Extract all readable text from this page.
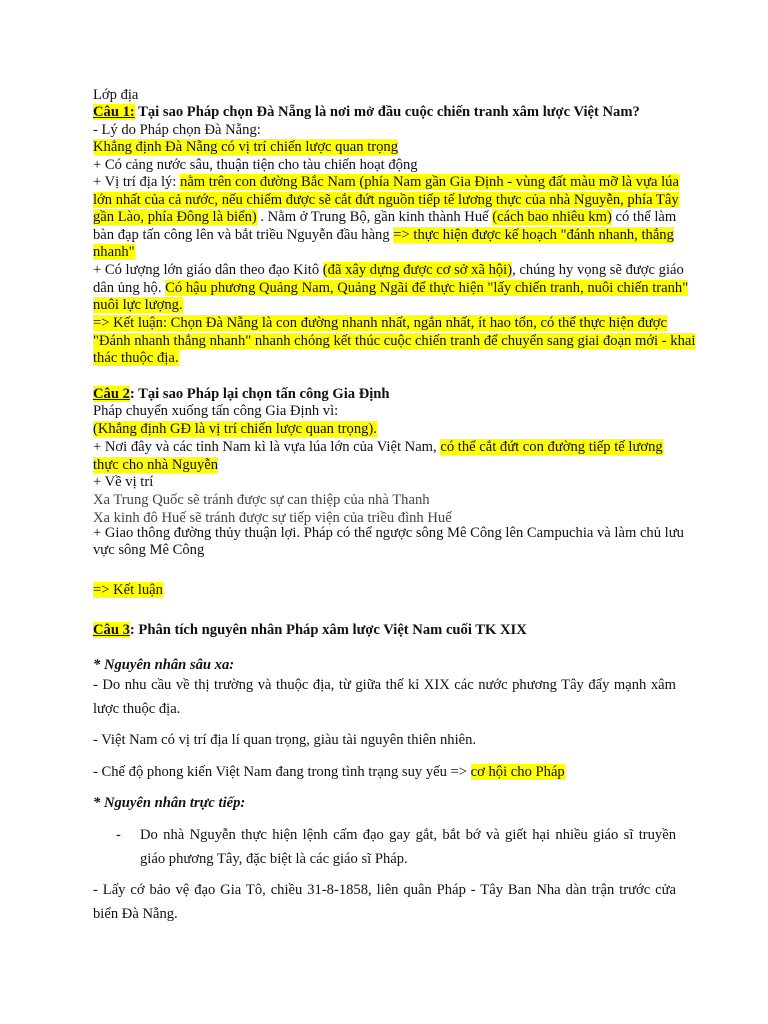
Lớp địa
Câu 1: Tại sao Pháp chọn Đà Nẵng là nơi mở đầu cuộc chiến tranh xâm lược Việt Nam?
- Lý do Pháp chọn Đà Nẵng:
Khẳng định Đà Nẵng có vị trí chiến lược quan trọng
+ Có cảng nước sâu, thuận tiện cho tàu chiến hoạt động
+ Vị trí địa lý: nằm trên con đường Bắc Nam (phía Nam gần Gia Định - vùng đất màu mỡ là vựa lúa
lớn nhất của cả nước, nếu chiếm được sẽ cắt đứt nguồn tiếp tế lương thực của nhà Nguyễn, phía Tây
gần Lào, phía Đông là biển) . Nằm ở Trung Bộ, gần kinh thành Huế (cách bao nhiêu km) có thể làm
bàn đạp tấn công lên và bắt triều Nguyễn đầu hàng => thực hiện được kế hoạch "đánh nhanh, thắng
nhanh"
+ Có lượng lớn giáo dân theo đạo Kitô (đã xây dựng được cơ sở xã hội), chúng hy vọng sẽ được giáo
dân ủng hộ. Có hậu phương Quảng Nam, Quảng Ngãi để thực hiện "lấy chiến tranh, nuôi chiến tranh"
nuôi lực lượng.
=> Kết luận: Chọn Đà Nẵng là con đường nhanh nhất, ngắn nhất, ít hao tổn, có thể thực hiện được
"Đánh nhanh thắng nhanh" nhanh chóng kết thúc cuộc chiến tranh để chuyển sang giai đoạn mới - khai
thác thuộc địa.
Câu 2: Tại sao Pháp lại chọn tấn công Gia Định
Pháp chuyển xuống tấn công Gia Định vì:
(Khẳng định GĐ là vị trí chiến lược quan trọng).
+ Nơi đây và các tỉnh Nam kì là vựa lúa lớn của Việt Nam, có thể cắt đứt con đường tiếp tế lương
thực cho nhà Nguyễn
+ Về vị trí
Xa Trung Quốc sẽ tránh được sự can thiệp của nhà Thanh
Xa kinh đô Huế sẽ tránh được sự tiếp viện của triều đình Huế
+ Giao thông đường thủy thuận lợi. Pháp có thể ngược sông Mê Công lên Campuchia và làm chủ lưu
vực sông Mê Công
=> Kết luận
Câu 3: Phân tích nguyên nhân Pháp xâm lược Việt Nam cuối TK XIX
* Nguyên nhân sâu xa:
- Do nhu cầu về thị trường và thuộc địa, từ giữa thế kỉ XIX các nước phương Tây đẩy mạnh xâm
lược thuộc địa.
- Việt Nam có vị trí địa lí quan trọng, giàu tài nguyên thiên nhiên.
- Chế độ phong kiến Việt Nam đang trong tình trạng suy yếu => cơ hội cho Pháp
* Nguyên nhân trực tiếp:
- Do nhà Nguyễn thực hiện lệnh cấm đạo gay gắt, bắt bớ và giết hại nhiều giáo sĩ truyền
giáo phương Tây, đặc biệt là các giáo sĩ Pháp.
- Lấy cớ bảo vệ đạo Gia Tô, chiều 31-8-1858, liên quân Pháp - Tây Ban Nha dàn trận trước cửa
biển Đà Nẵng.
